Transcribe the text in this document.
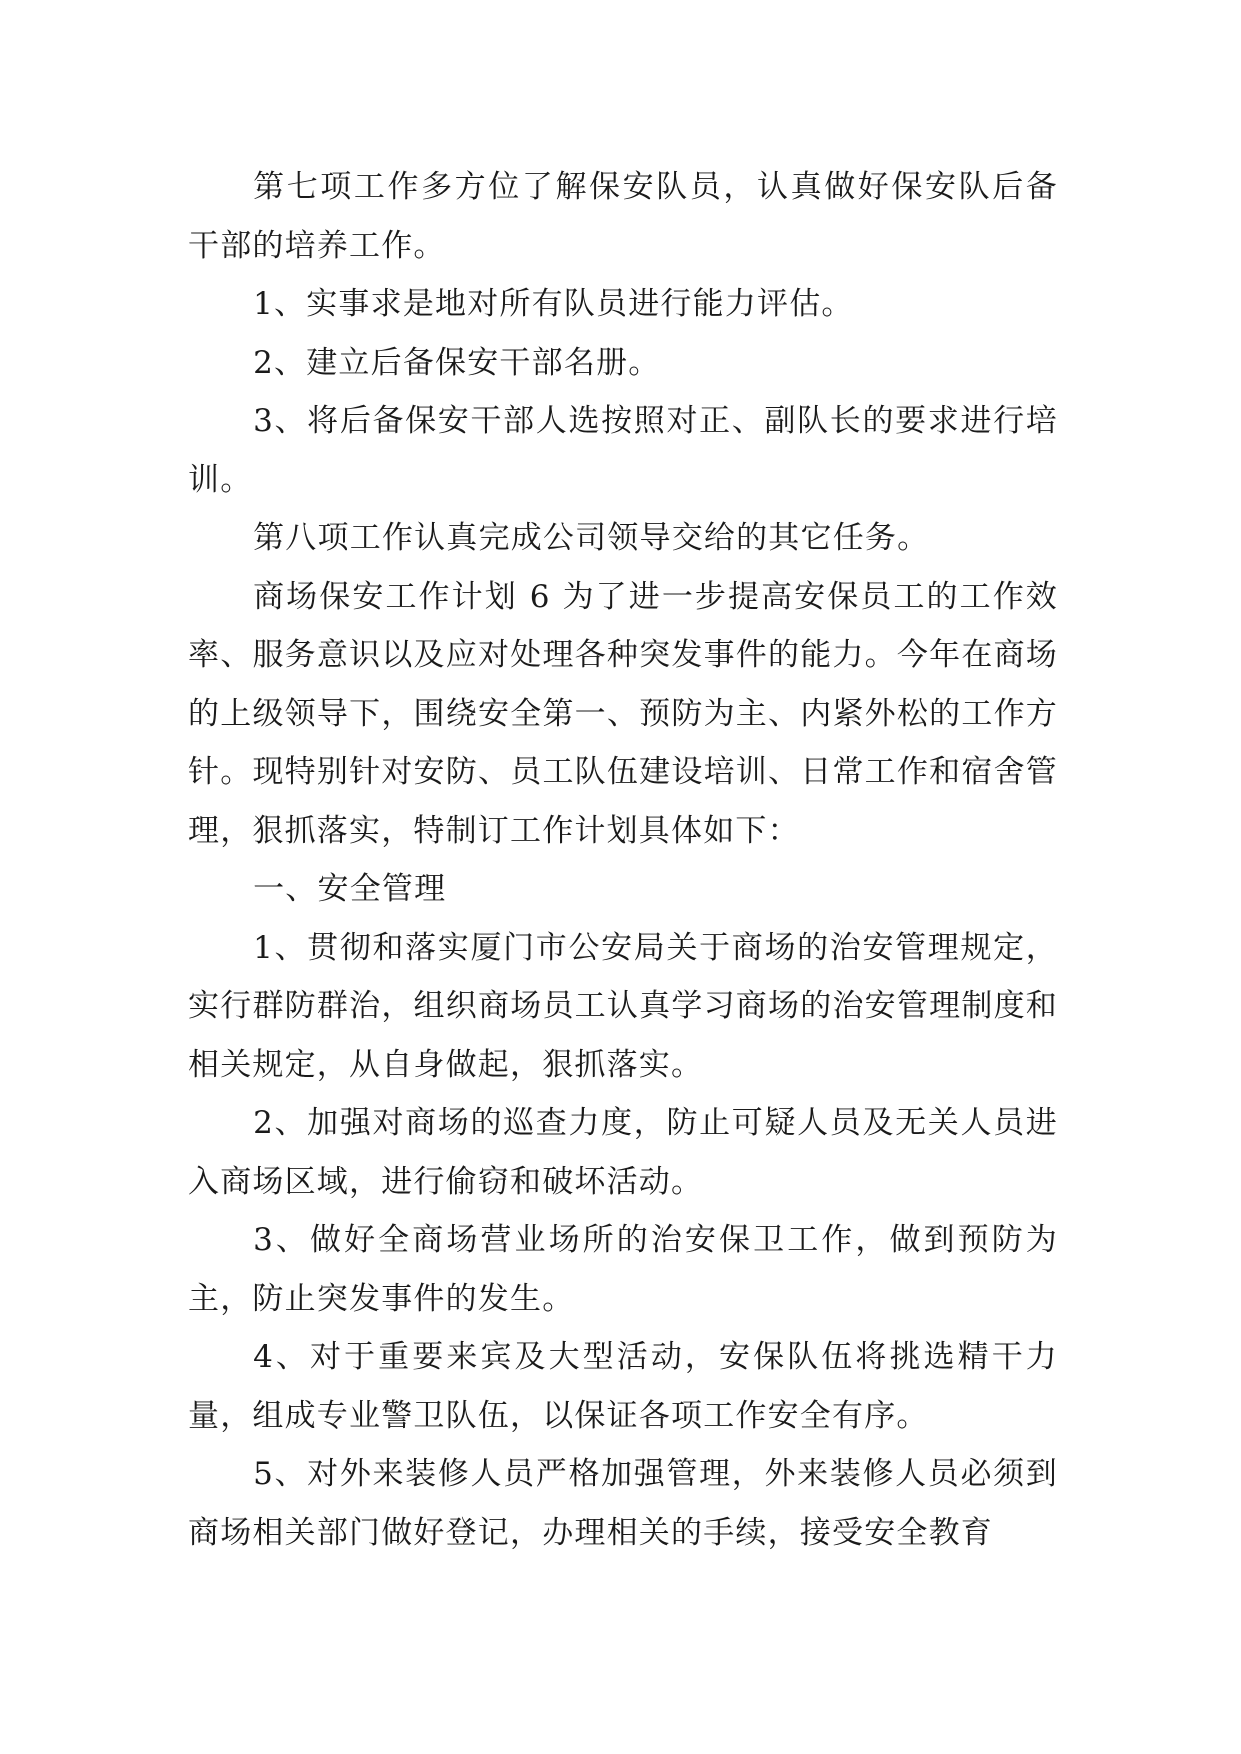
第七项工作多方位了解保安队员，认真做好保安队后备干部的培养工作。

1、实事求是地对所有队员进行能力评估。

2、建立后备保安干部名册。

3、将后备保安干部人选按照对正、副队长的要求进行培训。

第八项工作认真完成公司领导交给的其它任务。

商场保安工作计划 6 为了进一步提高安保员工的工作效率、服务意识以及应对处理各种突发事件的能力。今年在商场的上级领导下，围绕安全第一、预防为主、内紧外松的工作方针。现特别针对安防、员工队伍建设培训、日常工作和宿舍管理，狠抓落实，特制订工作计划具体如下：

一、安全管理

1、贯彻和落实厦门市公安局关于商场的治安管理规定，实行群防群治，组织商场员工认真学习商场的治安管理制度和相关规定，从自身做起，狠抓落实。

2、加强对商场的巡查力度，防止可疑人员及无关人员进入商场区域，进行偷窃和破坏活动。

3、做好全商场营业场所的治安保卫工作，做到预防为主，防止突发事件的发生。

4、对于重要来宾及大型活动，安保队伍将挑选精干力量，组成专业警卫队伍，以保证各项工作安全有序。

5、对外来装修人员严格加强管理，外来装修人员必须到商场相关部门做好登记，办理相关的手续，接受安全教育
